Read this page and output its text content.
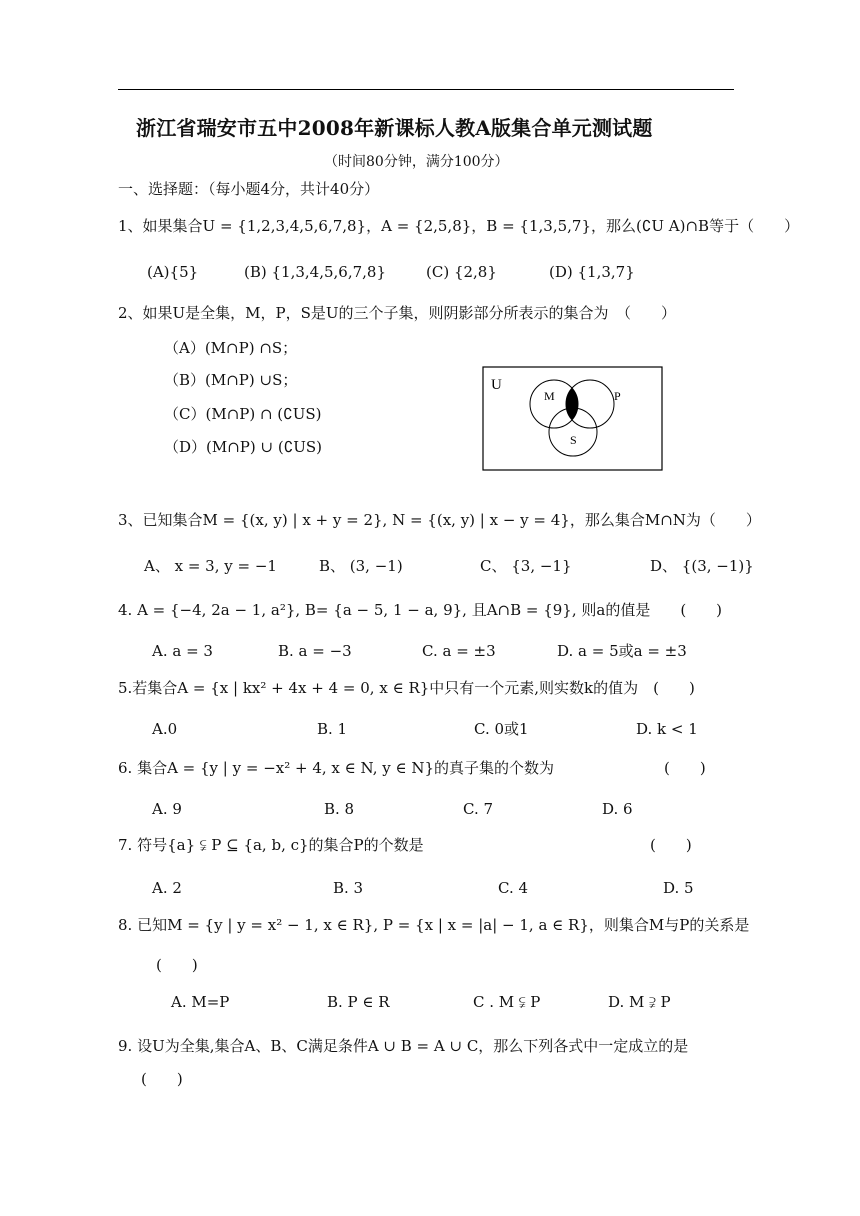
浙江省瑞安市五中2008年新课标人教A版集合单元测试题
（时间80分钟，满分100分）
一、选择题：（每小题4分，共计40分）
1、如果集合U = {1,2,3,4,5,6,7,8}，A = {2,5,8}，B = {1,3,5,7}，那么(∁U A)∩B等于（　　）
(A){5}	(B) {1,3,4,5,6,7,8}	(C) {2,8}	(D) {1,3,7}
2、如果U是全集，M，P，S是U的三个子集，则阴影部分所表示的集合为　（　　）
（A）(M∩P) ∩S；
（B）(M∩P) ∪S；
（C）(M∩P) ∩ (∁US)
（D）(M∩P) ∪ (∁US)
U
M	P
S
3、已知集合M = {(x, y) | x + y = 2}, N = {(x, y) | x − y = 4}，那么集合M∩N为（　　）
A、 x = 3, y = −1	B、 (3, −1)	C、 {3, −1}	D、 {(3, −1)}
4. A = {−4, 2a − 1, a²}, B= {a − 5, 1 − a, 9}, 且A∩B = {9}, 则a的值是　　(　　)
A. a = 3	B. a = −3	C. a = ±3	D. a = 5或a = ±3
5.若集合A = {x | kx² + 4x + 4 = 0, x ∈ R}中只有一个元素,则实数k的值为　(　　)
A.0	B. 1	C. 0或1	D. k < 1
6. 集合A = {y | y = −x² + 4, x ∈ N, y ∈ N}的真子集的个数为	(　　)
A. 9	B. 8	C. 7	D. 6
7. 符号{a} ⫋ P ⊆ {a, b, c}的集合P的个数是	(　　)
A. 2	B. 3	C. 4	D. 5
8. 已知M = {y | y = x² − 1, x ∈ R}, P = {x | x = |a| − 1, a ∈ R}，则集合M与P的关系是
(　　)
A. M=P	B. P ∈ R	C . M ⫋ P	D. M ⫌ P
9. 设U为全集,集合A、B、C满足条件A ∪ B = A ∪ C，那么下列各式中一定成立的是
(　　)
